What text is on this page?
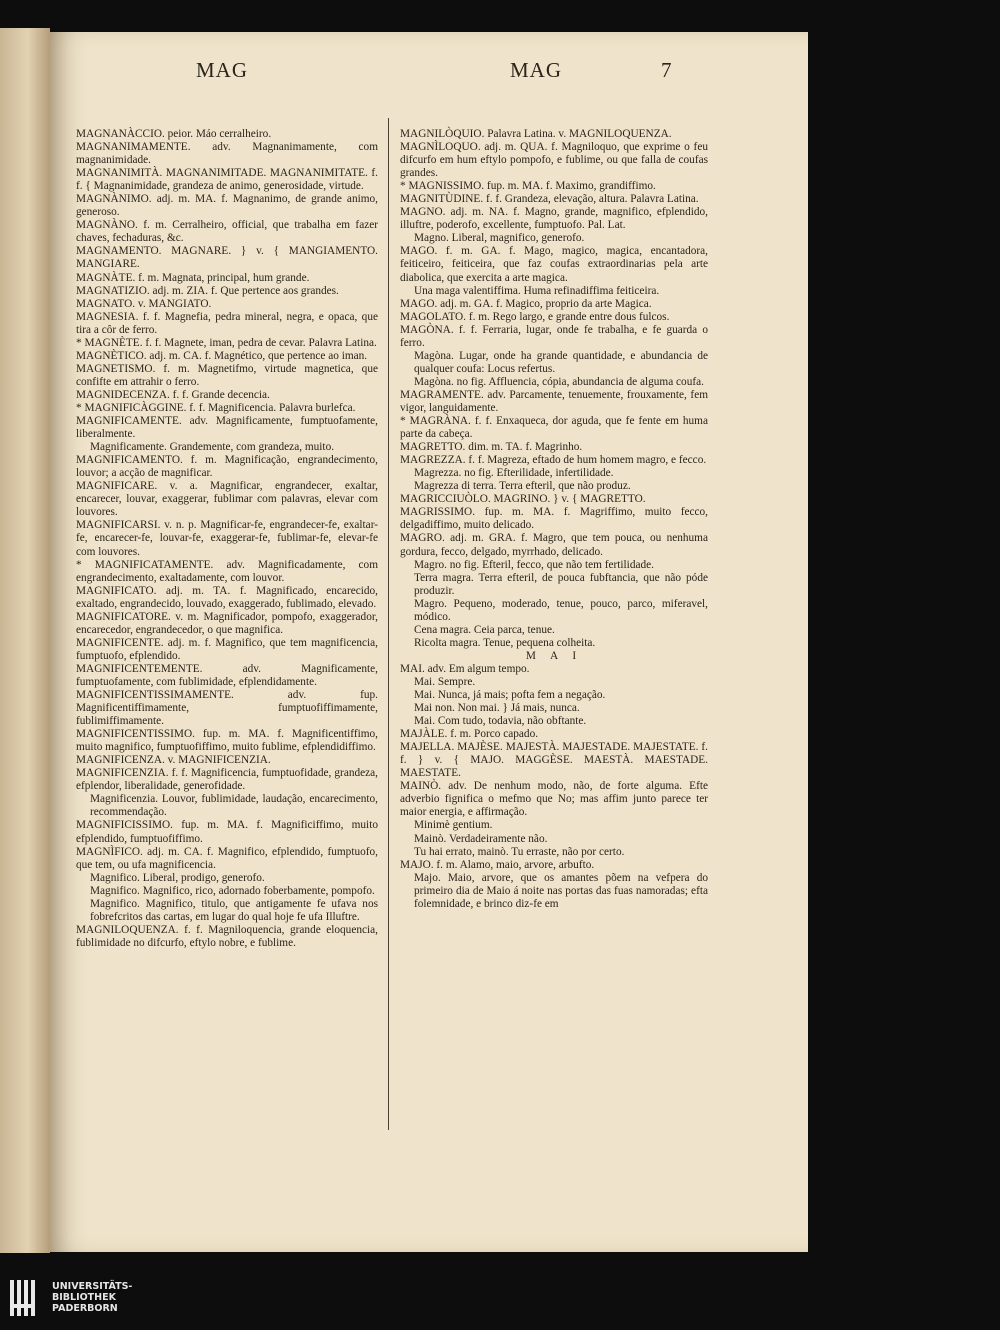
MAG	MAG	7

MAGNANÀCCIO. peior. Máo cerralheiro.

MAGNANIMAMENTE. adv. Magnanimamente, com magnanimidade.

MAGNANIMITÀ. MAGNANIMITADE. MAGNANIMITATE. f. f. { Magnanimidade, grandeza de animo, generosidade, virtude.

MAGNÀNIMO. adj. m. MA. f. Magnanimo, de grande animo, generoso.

MAGNÀNO. f. m. Cerralheiro, official, que trabalha em fazer chaves, fechaduras, &c.

MAGNAMENTO. MAGNARE. } v. { MANGIAMENTO. MANGIARE.

MAGNÀTE. f. m. Magnata, principal, hum grande.

MAGNATIZIO. adj. m. ZIA. f. Que pertence aos grandes.

MAGNATO. v. MANGIATO.

MAGNESIA. f. f. Magnefia, pedra mineral, negra, e opaca, que tira a côr de ferro.

* MAGNÈTE. f. f. Magnete, iman, pedra de cevar. Palavra Latina.

MAGNÈTICO. adj. m. CA. f. Magnético, que pertence ao iman.

MAGNETISMO. f. m. Magnetifmo, virtude magnetica, que confifte em attrahir o ferro.

MAGNIDECENZA. f. f. Grande decencia.

* MAGNIFICÀGGINE. f. f. Magnificencia. Palavra burlefca.

MAGNIFICAMENTE. adv. Magnificamente, fumptuofamente, liberalmente.

Magnificamente. Grandemente, com grandeza, muito.

MAGNIFICAMENTO. f. m. Magnificação, engrandecimento, louvor; a acção de magnificar.

MAGNIFICARE. v. a. Magnificar, engrandecer, exaltar, encarecer, louvar, exaggerar, fublimar com palavras, elevar com louvores.

MAGNIFICARSI. v. n. p. Magnificar-fe, engrandecer-fe, exaltar-fe, encarecer-fe, louvar-fe, exaggerar-fe, fublimar-fe, elevar-fe com louvores.

* MAGNIFICATAMENTE. adv. Magnificadamente, com engrandecimento, exaltadamente, com louvor.

MAGNIFICATO. adj. m. TA. f. Magnificado, encarecido, exaltado, engrandecido, louvado, exaggerado, fublimado, elevado.

MAGNIFICATORE. v. m. Magnificador, pompofo, exaggerador, encarecedor, engrandecedor, o que magnifica.

MAGNIFICENTE. adj. m. f. Magnifico, que tem magnificencia, fumptuofo, efplendido.

MAGNIFICENTEMENTE. adv. Magnificamente, fumptuofamente, com fublimidade, efplendidamente.

MAGNIFICENTISSIMAMENTE. adv. fup. Magnificentiffimamente, fumptuofiffimamente, fublimiffimamente.

MAGNIFICENTISSIMO. fup. m. MA. f. Magnificentiffimo, muito magnifico, fumptuofiffimo, muito fublime, efplendidiffimo.

MAGNIFICENZA. v. MAGNIFICENZIA.

MAGNIFICENZIA. f. f. Magnificencia, fumptuofidade, grandeza, efplendor, liberalidade, generofidade.

Magnificenzia. Louvor, fublimidade, laudação, encarecimento, recommendação.

MAGNIFICISSIMO. fup. m. MA. f. Magnificiffimo, muito efplendido, fumptuofiffimo.

MAGNÌFICO. adj. m. CA. f. Magnifico, efplendido, fumptuofo, que tem, ou ufa magnificencia.

Magnifico. Liberal, prodigo, generofo.

Magnifico. Magnifico, rico, adornado foberbamente, pompofo.

Magnifico. Magnifico, titulo, que antigamente fe ufava nos fobrefcritos das cartas, em lugar do qual hoje fe ufa Illuftre.

MAGNILOQUENZA. f. f. Magniloquencia, grande eloquencia, fublimidade no difcurfo, eftylo nobre, e fublime.

MAGNILÒQUIO. Palavra Latina. v. MAGNILOQUENZA.

MAGNÌLOQUO. adj. m. QUA. f. Magniloquo, que exprime o feu difcurfo em hum eftylo pompofo, e fublime, ou que falla de coufas grandes.

* MAGNISSIMO. fup. m. MA. f. Maximo, grandiffimo.

MAGNITÙDINE. f. f. Grandeza, elevação, altura. Palavra Latina.

MAGNO. adj. m. NA. f. Magno, grande, magnifico, efplendido, illuftre, poderofo, excellente, fumptuofo. Pal. Lat.

Magno. Liberal, magnifico, generofo.

MAGO. f. m. GA. f. Mago, magico, magica, encantadora, feiticeiro, feiticeira, que faz coufas extraordinarias pela arte diabolica, que exercita a arte magica.

Una maga valentiffima. Huma refinadiffima feiticeira.

MAGO. adj. m. GA. f. Magico, proprio da arte Magica.

MAGOLATO. f. m. Rego largo, e grande entre dous fulcos.

MAGÒNA. f. f. Ferraria, lugar, onde fe trabalha, e fe guarda o ferro.

Magòna. Lugar, onde ha grande quantidade, e abundancia de qualquer coufa: Locus refertus.

Magòna. no fig. Affluencia, cópia, abundancia de alguma coufa.

MAGRAMENTE. adv. Parcamente, tenuemente, frouxamente, fem vigor, languidamente.

* MAGRÀNA. f. f. Enxaqueca, dor aguda, que fe fente em huma parte da cabeça.

MAGRETTO. dim. m. TA. f. Magrinho.

MAGREZZA. f. f. Magreza, eftado de hum homem magro, e fecco.

Magrezza. no fig. Efterilidade, infertilidade.

Magrezza di terra. Terra efteril, que não produz.

MAGRICCIUÒLO. MAGRINO. } v. { MAGRETTO.

MAGRISSIMO. fup. m. MA. f. Magriffimo, muito fecco, delgadiffimo, muito delicado.

MAGRO. adj. m. GRA. f. Magro, que tem pouca, ou nenhuma gordura, fecco, delgado, myrrhado, delicado.

Magro. no fig. Efteril, fecco, que não tem fertilidade.

Terra magra. Terra efteril, de pouca fubftancia, que não póde produzir.

Magro. Pequeno, moderado, tenue, pouco, parco, miferavel, módico.

Cena magra. Ceia parca, tenue.

Ricolta magra. Tenue, pequena colheita.

M A I

MAI. adv. Em algum tempo.

Mai. Sempre.

Mai. Nunca, já mais; pofta fem a negação.

Mai non. Non mai. } Já mais, nunca.

Mai. Com tudo, todavia, não obftante.

MAJÀLE. f. m. Porco capado.

MAJELLA. MAJÈSE. MAJESTÀ. MAJESTADE. MAJESTATE. f. f. } v. { MAJO. MAGGÈSE. MAESTÀ. MAESTADE. MAESTATE.

MAINÒ. adv. De nenhum modo, não, de forte alguma. Efte adverbio fignifica o mefmo que No; mas affim junto parece ter maior energia, e affirmação.

Minimè gentium.

Mainò. Verdadeiramente não.

Tu hai errato, mainò. Tu erraste, não por certo.

MAJO. f. m. Alamo, maio, arvore, arbufto.

Majo. Maio, arvore, que os amantes põem na vefpera do primeiro dia de Maio á noite nas portas das fuas namoradas; efta folemnidade, e brinco diz-fe em

UNIVERSITÄTS-
BIBLIOTHEK
PADERBORN
